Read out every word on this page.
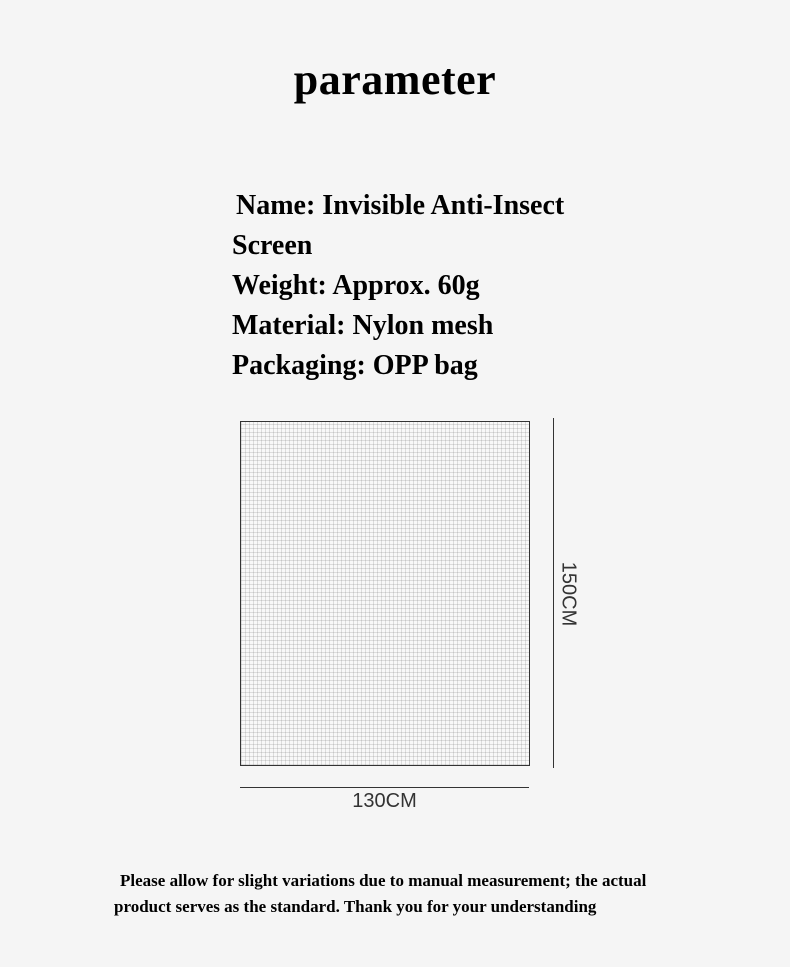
parameter
Name: Invisible Anti-Insect
Screen
Weight: Approx. 60g
Material: Nylon mesh
Packaging: OPP bag
150CM
130CM

Please allow for slight variations due to manual measurement; the actual
product serves as the standard. Thank you for your understanding
